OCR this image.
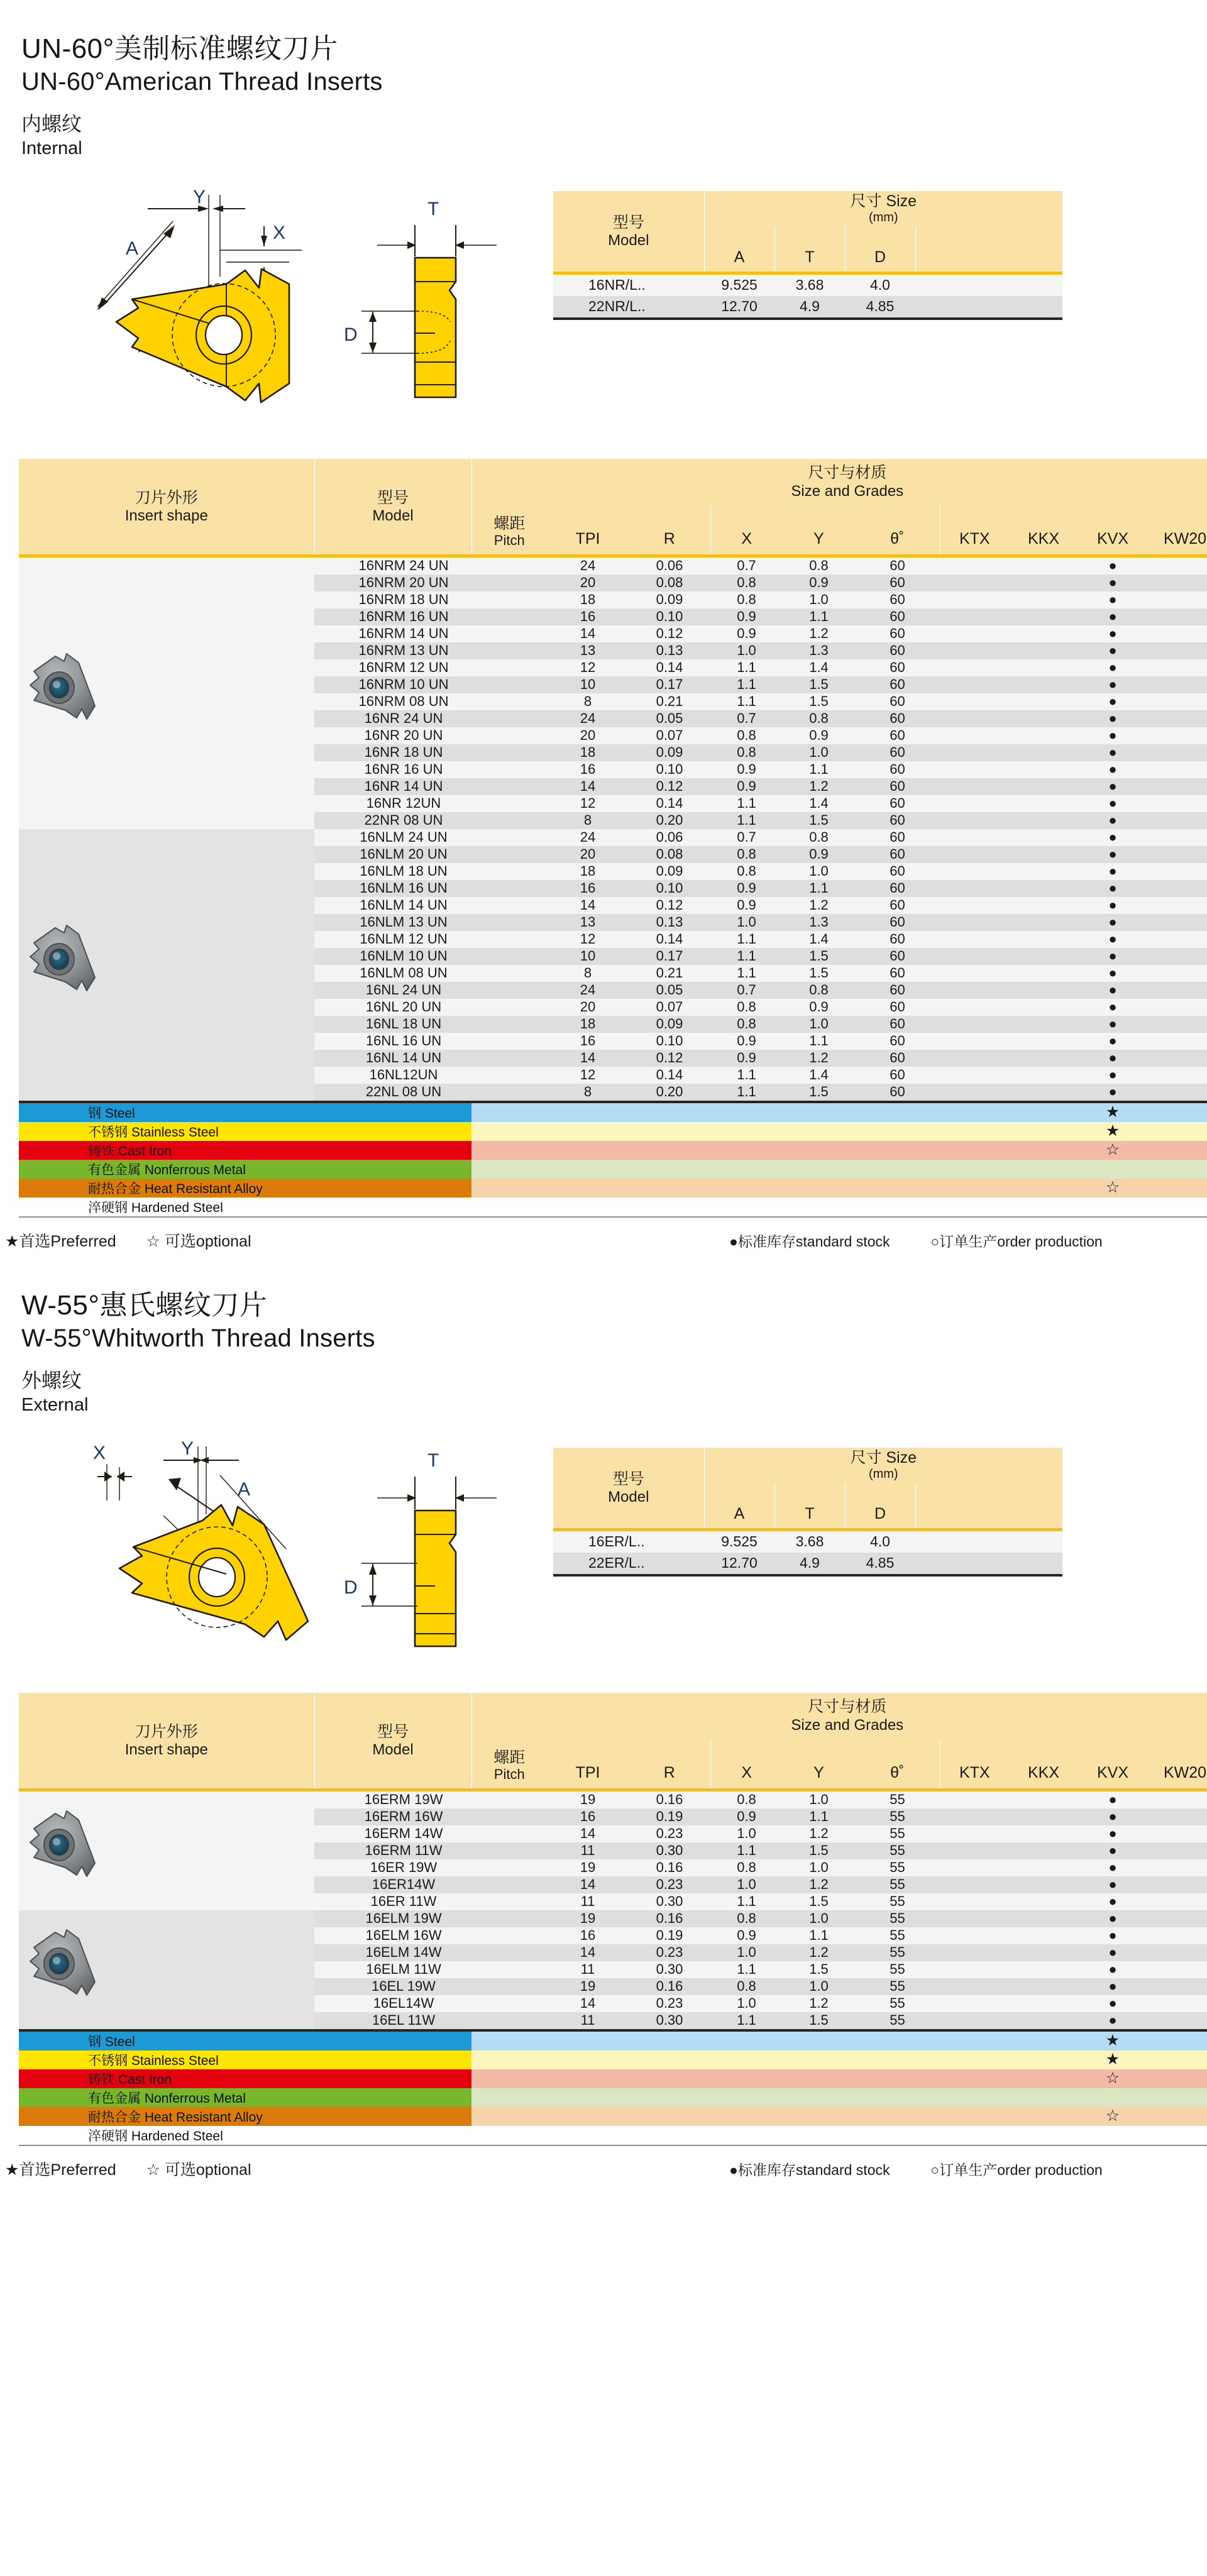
UN-60°美制标准螺纹刀片
UN-60°American Thread Inserts
内螺纹
Internal
Y
X
A
T
D
型号
Model	尺寸 Size
(mm)			

	A	T	D	

16NR/L..	9.525	3.68	4.0	
22NR/L..	12.70	4.9	4.85	

刀片外形
Insert shape	型号
Model	尺寸与材质
Size and Grades									

		螺距
Pitch	TPI	R	X	Y	θ˚	KTX	KKX	KVX	KW20

	16NRM 24 UN		24	0.06	0.7	0.8	60			●	
	16NRM 20 UN		20	0.08	0.8	0.9	60			●	
	16NRM 18 UN		18	0.09	0.8	1.0	60			●	
	16NRM 16 UN		16	0.10	0.9	1.1	60			●	
	16NRM 14 UN		14	0.12	0.9	1.2	60			●	
	16NRM 13 UN		13	0.13	1.0	1.3	60			●	
	16NRM 12 UN		12	0.14	1.1	1.4	60			●	
	16NRM 10 UN		10	0.17	1.1	1.5	60			●	
	16NRM 08 UN		8	0.21	1.1	1.5	60			●	
	16NR 24 UN		24	0.05	0.7	0.8	60			●	
	16NR 20 UN		20	0.07	0.8	0.9	60			●	
	16NR 18 UN		18	0.09	0.8	1.0	60			●	
	16NR 16 UN		16	0.10	0.9	1.1	60			●	
	16NR 14 UN		14	0.12	0.9	1.2	60			●	
	16NR 12UN		12	0.14	1.1	1.4	60			●	
	22NR 08 UN		8	0.20	1.1	1.5	60			●	

	16NLM 24 UN		24	0.06	0.7	0.8	60			●	
	16NLM 20 UN		20	0.08	0.8	0.9	60			●	
	16NLM 18 UN		18	0.09	0.8	1.0	60			●	
	16NLM 16 UN		16	0.10	0.9	1.1	60			●	
	16NLM 14 UN		14	0.12	0.9	1.2	60			●	
	16NLM 13 UN		13	0.13	1.0	1.3	60			●	
	16NLM 12 UN		12	0.14	1.1	1.4	60			●	
	16NLM 10 UN		10	0.17	1.1	1.5	60			●	
	16NLM 08 UN		8	0.21	1.1	1.5	60			●	
	16NL 24 UN		24	0.05	0.7	0.8	60			●	
	16NL 20 UN		20	0.07	0.8	0.9	60			●	
	16NL 18 UN		18	0.09	0.8	1.0	60			●	
	16NL 16 UN		16	0.10	0.9	1.1	60			●	
	16NL 14 UN		14	0.12	0.9	1.2	60			●	
	16NL12UN		12	0.14	1.1	1.4	60			●	
	22NL 08 UN		8	0.20	1.1	1.5	60			●	

钢 Steel										★	
不锈钢 Stainless Steel										★	
铸铁 Cast Iron										☆	
有色金属 Nonferrous Metal											
耐热合金 Heat Resistant Alloy										☆	
淬硬钢 Hardened Steel											

★首选Preferred ☆ 可选optional	●标准库存standard stock	○订单生产order production
W-55°惠氏螺纹刀片
W-55°Whitworth Thread Inserts
外螺纹
External
Y
X
A
T
D
型号
Model	尺寸 Size
(mm)			

	A	T	D	

16ER/L..	9.525	3.68	4.0	
22ER/L..	12.70	4.9	4.85	

刀片外形
Insert shape	型号
Model	尺寸与材质
Size and Grades									

		螺距
Pitch	TPI	R	X	Y	θ˚	KTX	KKX	KVX	KW20

	16ERM 19W		19	0.16	0.8	1.0	55			●	
	16ERM 16W		16	0.19	0.9	1.1	55			●	
	16ERM 14W		14	0.23	1.0	1.2	55			●	
	16ERM 11W		11	0.30	1.1	1.5	55			●	
	16ER 19W		19	0.16	0.8	1.0	55			●	
	16ER14W		14	0.23	1.0	1.2	55			●	
	16ER 11W		11	0.30	1.1	1.5	55			●	

	16ELM 19W		19	0.16	0.8	1.0	55			●	
	16ELM 16W		16	0.19	0.9	1.1	55			●	
	16ELM 14W		14	0.23	1.0	1.2	55			●	
	16ELM 11W		11	0.30	1.1	1.5	55			●	
	16EL 19W		19	0.16	0.8	1.0	55			●	
	16EL14W		14	0.23	1.0	1.2	55			●	
	16EL 11W		11	0.30	1.1	1.5	55			●	

钢 Steel										★	
不锈钢 Stainless Steel										★	
铸铁 Cast Iron										☆	
有色金属 Nonferrous Metal											
耐热合金 Heat Resistant Alloy										☆	
淬硬钢 Hardened Steel											

★首选Preferred ☆ 可选optional	●标准库存standard stock	○订单生产order production
